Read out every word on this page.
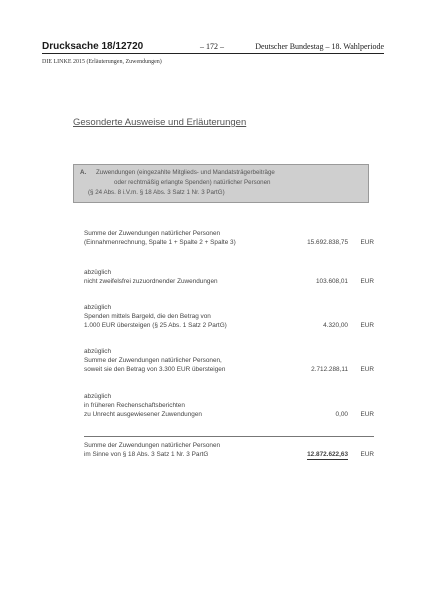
Drucksache 18/12720	– 172 –	Deutscher Bundestag – 18. Wahlperiode
DIE LINKE 2015 (Erläuterungen, Zuwendungen)
Gesonderte Ausweise und Erläuterungen
A. Zuwendungen (eingezahlte Mitglieds- und Mandatsträgerbeiträge
oder rechtmäßig erlangte Spenden) natürlicher Personen
(§ 24 Abs. 8 i.V.m. § 18 Abs. 3 Satz 1 Nr. 3 PartG)
Summe der Zuwendungen natürlicher Personen
(Einnahmenrechnung, Spalte 1 + Spalte 2 + Spalte 3)	15.692.838,75 EUR
abzüglich
nicht zweifelsfrei zuzuordnender Zuwendungen	103.608,01 EUR
abzüglich
Spenden mittels Bargeld, die den Betrag von
1.000 EUR übersteigen (§ 25 Abs. 1 Satz 2 PartG)	4.320,00 EUR
abzüglich
Summe der Zuwendungen natürlicher Personen,
soweit sie den Betrag von 3.300 EUR übersteigen	2.712.288,11 EUR
abzüglich
in früheren Rechenschaftsberichten
zu Unrecht ausgewiesener Zuwendungen	0,00 EUR
Summe der Zuwendungen natürlicher Personen
im Sinne von § 18 Abs. 3 Satz 1 Nr. 3 PartG	12.872.622,63 EUR
